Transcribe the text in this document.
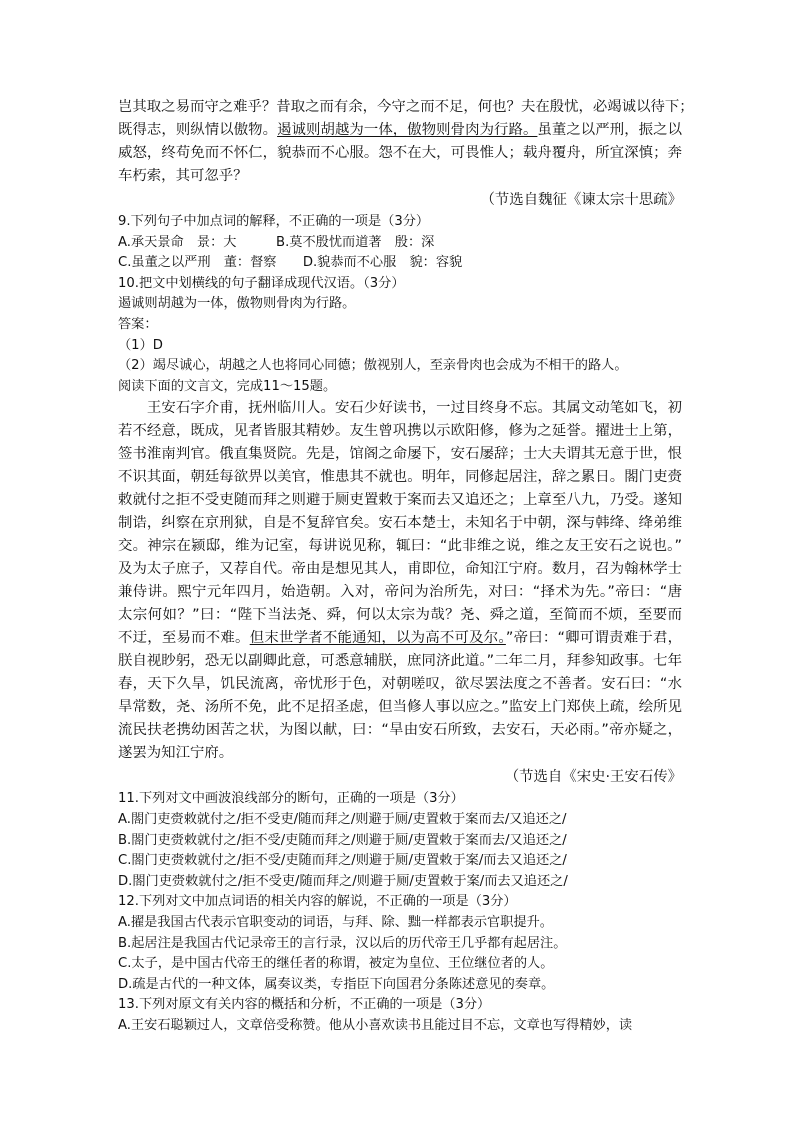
岂其取之易而守之难乎？昔取之而有余，今守之而不足，何也？夫在殷忧，必竭诚以待下；
既得志，则纵情以傲物。遏诚则胡越为一体，傲物则骨肉为行路。虽董之以严刑，振之以
威怒，终苟免而不怀仁，貌恭而不心服。怨不在大，可畏惟人；载舟覆舟，所宜深慎；奔
车朽索，其可忽乎？
（节选自魏征《谏太宗十思疏》
9.下列句子中加点词的解释，不正确的一项是（3分）
A.承天景命　景：大　　　B.莫不殷忧而道著　殷：深
C.虽董之以严刑　董：督察　　D.貌恭而不心服　貌：容貌
10.把文中划横线的句子翻译成现代汉语。（3分）
遏诚则胡越为一体，傲物则骨肉为行路。
答案：
（1）D
（2）竭尽诚心，胡越之人也将同心同德；傲视别人，至亲骨肉也会成为不相干的路人。
阅读下面的文言文，完成11～15题。
　　王安石字介甫，抚州临川人。安石少好读书，一过目终身不忘。其属文动笔如飞，初
若不经意，既成，见者皆服其精妙。友生曾巩携以示欧阳修，修为之延誉。擢进士上第，
签书淮南判官。俄直集贤院。先是，馆阁之命屡下，安石屡辞；士大夫谓其无意于世，恨
不识其面，朝廷每欲畀以美官，惟患其不就也。明年，同修起居注，辞之累日。閤门吏赍
敕就付之拒不受吏随而拜之则避于厕吏置敕于案而去又追还之；上章至八九，乃受。遂知
制诰，纠察在京刑狱，自是不复辞官矣。安石本楚士，未知名于中朝，深与韩绛、绛弟维
交。神宗在颍邸，维为记室，每讲说见称，辄曰：“此非维之说，维之友王安石之说也。”
及为太子庶子，又荐自代。帝由是想见其人，甫即位，命知江宁府。数月，召为翰林学士
兼侍讲。熙宁元年四月，始造朝。入对，帝问为治所先，对曰：“择术为先。”帝曰：“唐
太宗何如？”曰：“陛下当法尧、舜，何以太宗为哉？尧、舜之道，至简而不烦，至要而
不迂，至易而不难。但末世学者不能通知，以为高不可及尔。”帝曰：“卿可谓责难于君，
朕自视眇躬，恐无以副卿此意，可悉意辅朕，庶同济此道。”二年二月，拜参知政事。七年
春，天下久旱，饥民流离，帝忧形于色，对朝嗟叹，欲尽罢法度之不善者。安石曰：“水
旱常数，尧、汤所不免，此不足招圣虑，但当修人事以应之。”监安上门郑侠上疏，绘所见
流民扶老携幼困苦之状，为图以献，曰：“旱由安石所致，去安石，天必雨。”帝亦疑之，
遂罢为知江宁府。
（节选自《宋史·王安石传》
11.下列对文中画波浪线部分的断句，正确的一项是（3分）
A.閤门吏赍敕就付之/拒不受吏/随而拜之/则避于厕/吏置敕于案而去/又追还之/
B.閤门吏赍敕就付之/拒不受/吏随而拜之/则避于厕/吏置敕于案而去/又追还之/
C.閤门吏赍敕就付之/拒不受/吏随而拜之/则避于厕/吏置敕于案/而去又追还之/
D.閤门吏赍敕就付之/拒不受吏/随而拜之/则避于厕/吏置敕于案/而去又追还之/
12.下列对文中加点词语的相关内容的解说，不正确的一项是（3分）
A.擢是我国古代表示官职变动的词语，与拜、除、黜一样都表示官职提升。
B.起居注是我国古代记录帝王的言行录，汉以后的历代帝王几乎都有起居注。
C.太子，是中国古代帝王的继任者的称谓，被定为皇位、王位继位者的人。
D.疏是古代的一种文体，属奏议类，专指臣下向国君分条陈述意见的奏章。
13.下列对原文有关内容的概括和分析，不正确的一项是（3分）
A.王安石聪颖过人，文章倍受称赞。他从小喜欢读书且能过目不忘，文章也写得精妙，读
